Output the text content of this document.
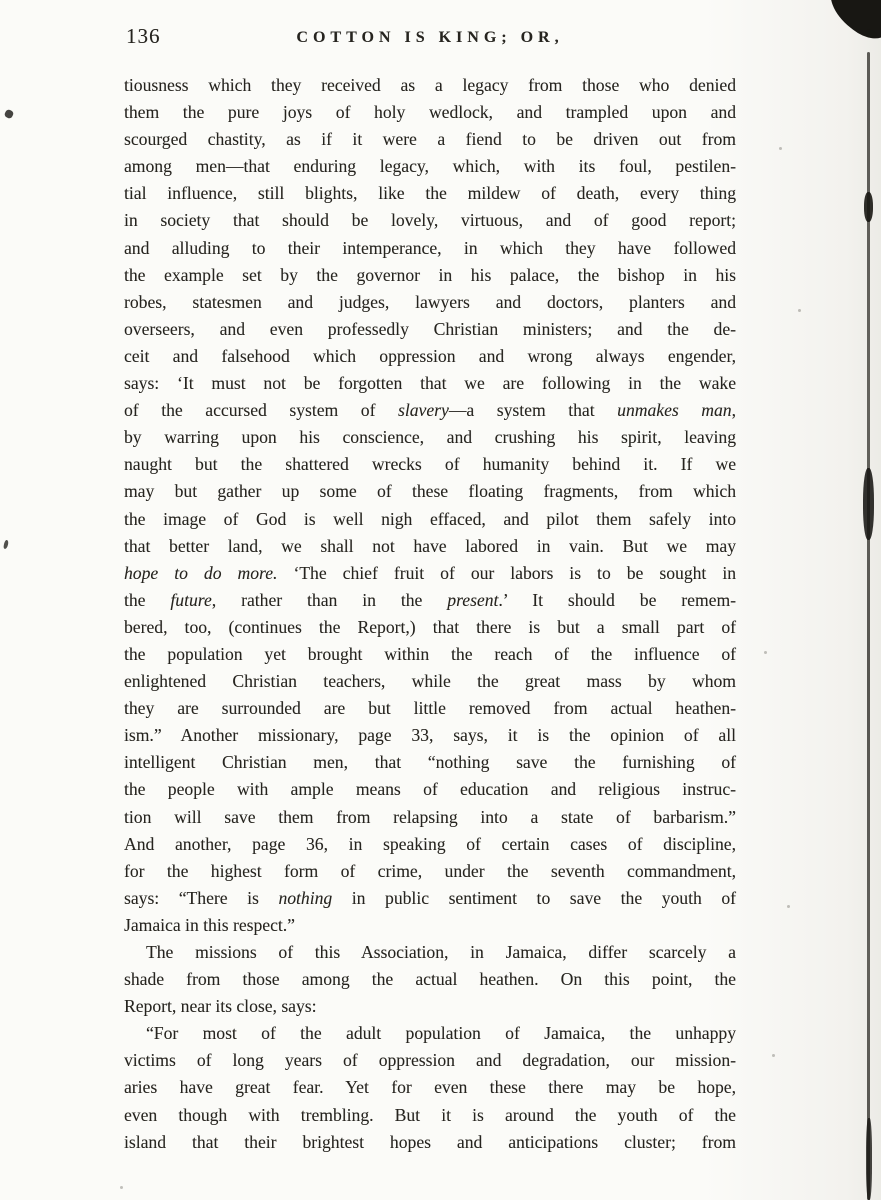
136	COTTON IS KING; OR,
tiousness which they received as a legacy from those who denied
them the pure joys of holy wedlock, and trampled upon and
scourged chastity, as if it were a fiend to be driven out from
among men—that enduring legacy, which, with its foul, pestilen-
tial influence, still blights, like the mildew of death, every thing
in society that should be lovely, virtuous, and of good report;
and alluding to their intemperance, in which they have followed
the example set by the governor in his palace, the bishop in his
robes, statesmen and judges, lawyers and doctors, planters and
overseers, and even professedly Christian ministers; and the de-
ceit and falsehood which oppression and wrong always engender,
says: ‘It must not be forgotten that we are following in the wake
of the accursed system of slavery—a system that unmakes man,
by warring upon his conscience, and crushing his spirit, leaving
naught but the shattered wrecks of humanity behind it. If we
may but gather up some of these floating fragments, from which
the image of God is well nigh effaced, and pilot them safely into
that better land, we shall not have labored in vain. But we may
hope to do more. ‘The chief fruit of our labors is to be sought in
the future, rather than in the present.’ It should be remem-
bered, too, (continues the Report,) that there is but a small part of
the population yet brought within the reach of the influence of
enlightened Christian teachers, while the great mass by whom
they are surrounded are but little removed from actual heathen-
ism.” Another missionary, page 33, says, it is the opinion of all
intelligent Christian men, that “nothing save the furnishing of
the people with ample means of education and religious instruc-
tion will save them from relapsing into a state of barbarism.”
And another, page 36, in speaking of certain cases of discipline,
for the highest form of crime, under the seventh commandment,
says: “There is nothing in public sentiment to save the youth of
Jamaica in this respect.”
The missions of this Association, in Jamaica, differ scarcely a
shade from those among the actual heathen. On this point, the
Report, near its close, says:
“For most of the adult population of Jamaica, the unhappy
victims of long years of oppression and degradation, our mission-
aries have great fear. Yet for even these there may be hope,
even though with trembling. But it is around the youth of the
island that their brightest hopes and anticipations cluster; from
